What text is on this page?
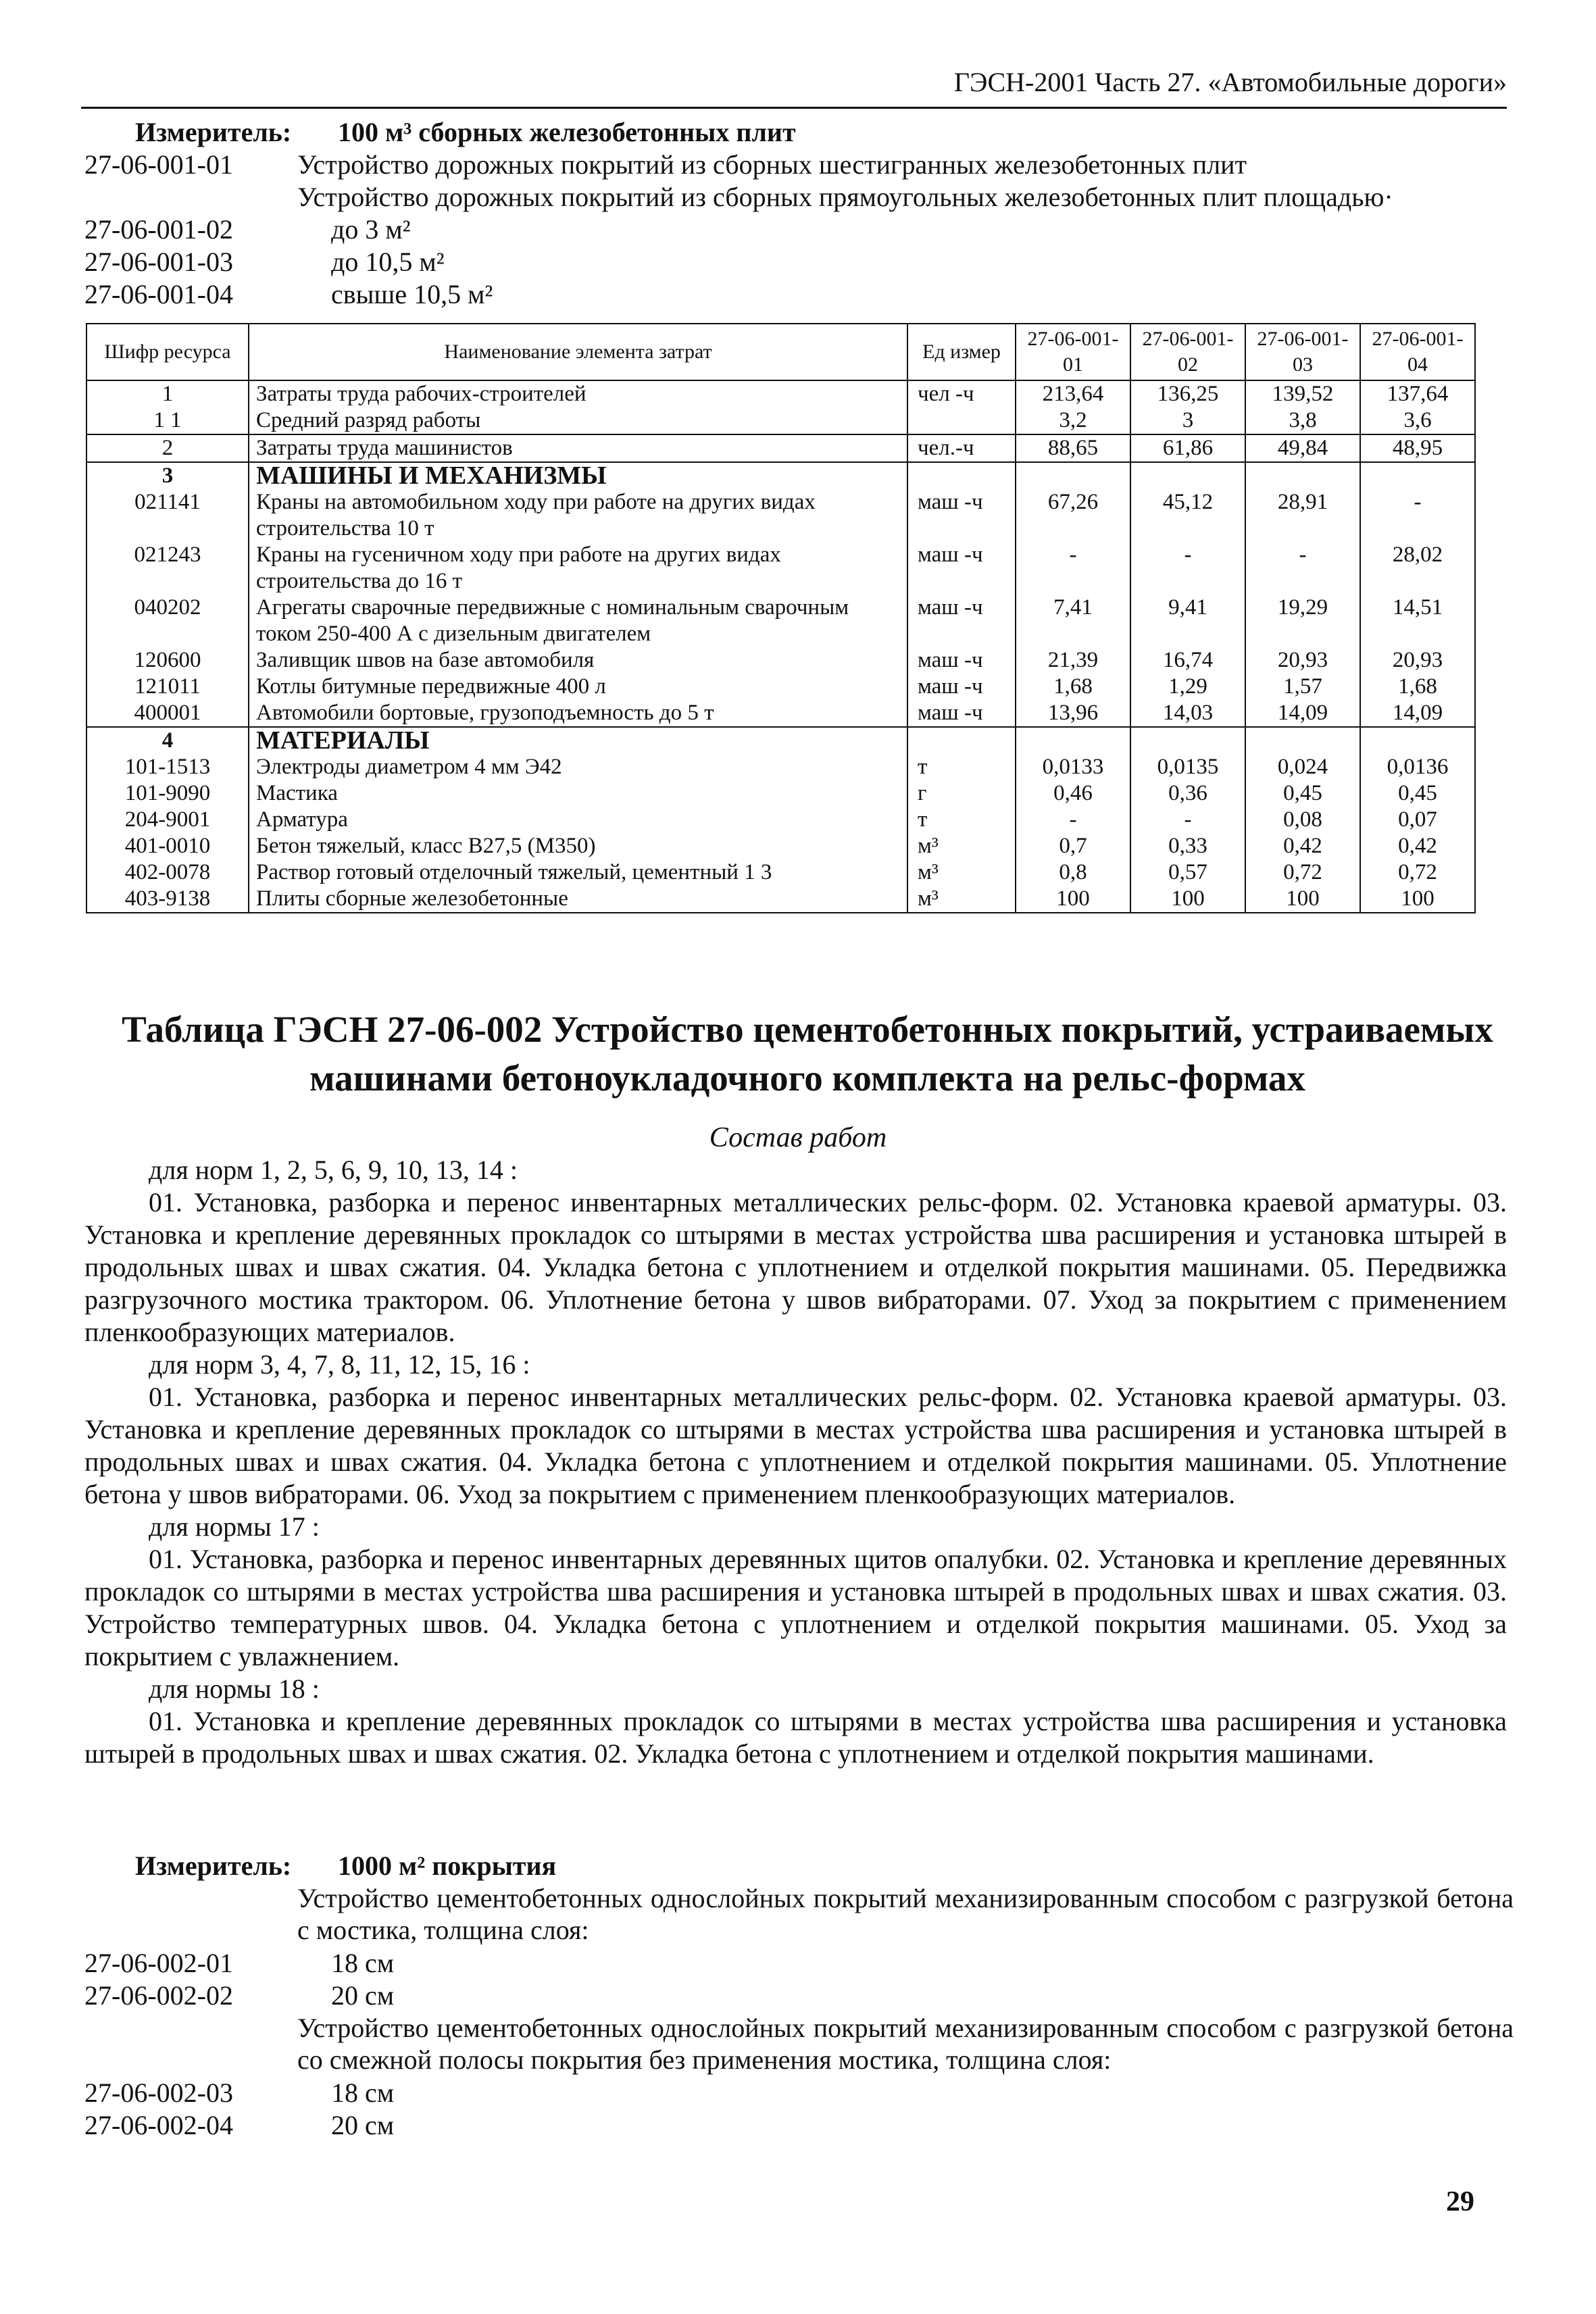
ГЭСН-2001 Часть 27. «Автомобильные дороги»
Измеритель: 100 м³ сборных железобетонных плит
27-06-001-01 Устройство дорожных покрытий из сборных шестигранных железобетонных плит
Устройство дорожных покрытий из сборных прямоугольных железобетонных плит площадью·
27-06-001-02	до 3 м²
27-06-001-03	до 10,5 м²
27-06-001-04	свыше 10,5 м²
Шифр ресурса	Наименование элемента затрат	Ед измер	27-06-001-01	27-06-001-02	27-06-001-03	27-06-001-04
1	Затраты труда рабочих-строителей	чел -ч	213,64	136,25	139,52	137,64
1 1	Средний разряд работы		3,2	3	3,8	3,6
2	Затраты труда машинистов	чел.-ч	88,65	61,86	49,84	48,95
3	МАШИНЫ И МЕХАНИЗМЫ					
021141	Краны на автомобильном ходу при работе на других видах строительства 10 т	маш -ч	67,26	45,12	28,91	-
021243	Краны на гусеничном ходу при работе на других видах строительства до 16 т	маш -ч	-	-	-	28,02
040202	Агрегаты сварочные передвижные с номинальным сварочным током 250-400 А с дизельным двигателем	маш -ч	7,41	9,41	19,29	14,51
120600	Заливщик швов на базе автомобиля	маш -ч	21,39	16,74	20,93	20,93
121011	Котлы битумные передвижные 400 л	маш -ч	1,68	1,29	1,57	1,68
400001	Автомобили бортовые, грузоподъемность до 5 т	маш -ч	13,96	14,03	14,09	14,09
4	МАТЕРИАЛЫ					
101-1513	Электроды диаметром 4 мм Э42	т	0,0133	0,0135	0,024	0,0136
101-9090	Мастика	г	0,46	0,36	0,45	0,45
204-9001	Арматура	т	-	-	0,08	0,07
401-0010	Бетон тяжелый, класс В27,5 (М350)	м³	0,7	0,33	0,42	0,42
402-0078	Раствор готовый отделочный тяжелый, цементный 1 3	м³	0,8	0,57	0,72	0,72
403-9138	Плиты сборные железобетонные	м³	100	100	100	100
Таблица ГЭСН 27-06-002 Устройство цементобетонных покрытий, устраиваемых машинами бетоноукладочного комплекта на рельс-формах
Состав работ

для норм 1, 2, 5, 6, 9, 10, 13, 14 :

01. Установка, разборка и перенос инвентарных металлических рельс-форм. 02. Установка краевой арматуры. 03. Установка и крепление деревянных прокладок со штырями в местах устройства шва расширения и установка штырей в продольных швах и швах сжатия. 04. Укладка бетона с уплотнением и отделкой покрытия машинами. 05. Передвижка разгрузочного мостика трактором. 06. Уплотнение бетона у швов вибраторами. 07. Уход за покрытием с применением пленкообразующих материалов.

для норм 3, 4, 7, 8, 11, 12, 15, 16 :

01. Установка, разборка и перенос инвентарных металлических рельс-форм. 02. Установка краевой арматуры. 03. Установка и крепление деревянных прокладок со штырями в местах устройства шва расширения и установка штырей в продольных швах и швах сжатия. 04. Укладка бетона с уплотнением и отделкой покрытия машинами. 05. Уплотнение бетона у швов вибраторами. 06. Уход за покрытием с применением пленкообразующих материалов.

для нормы 17 :

01. Установка, разборка и перенос инвентарных деревянных щитов опалубки. 02. Установка и крепление деревянных прокладок со штырями в местах устройства шва расширения и установка штырей в продольных швах и швах сжатия. 03. Устройство температурных швов. 04. Укладка бетона с уплотнением и отделкой покрытия машинами. 05. Уход за покрытием с увлажнением.

для нормы 18 :

01. Установка и крепление деревянных прокладок со штырями в местах устройства шва расширения и установка штырей в продольных швах и швах сжатия. 02. Укладка бетона с уплотнением и отделкой покрытия машинами.

Измеритель: 1000 м² покрытия
Устройство цементобетонных однослойных покрытий механизированным способом с разгрузкой бетона с мостика, толщина слоя:
27-06-002-01	18 см
27-06-002-02	20 см
Устройство цементобетонных однослойных покрытий механизированным способом с разгрузкой бетона со смежной полосы покрытия без применения мостика, толщина слоя:
27-06-002-03	18 см
27-06-002-04	20 см
29
